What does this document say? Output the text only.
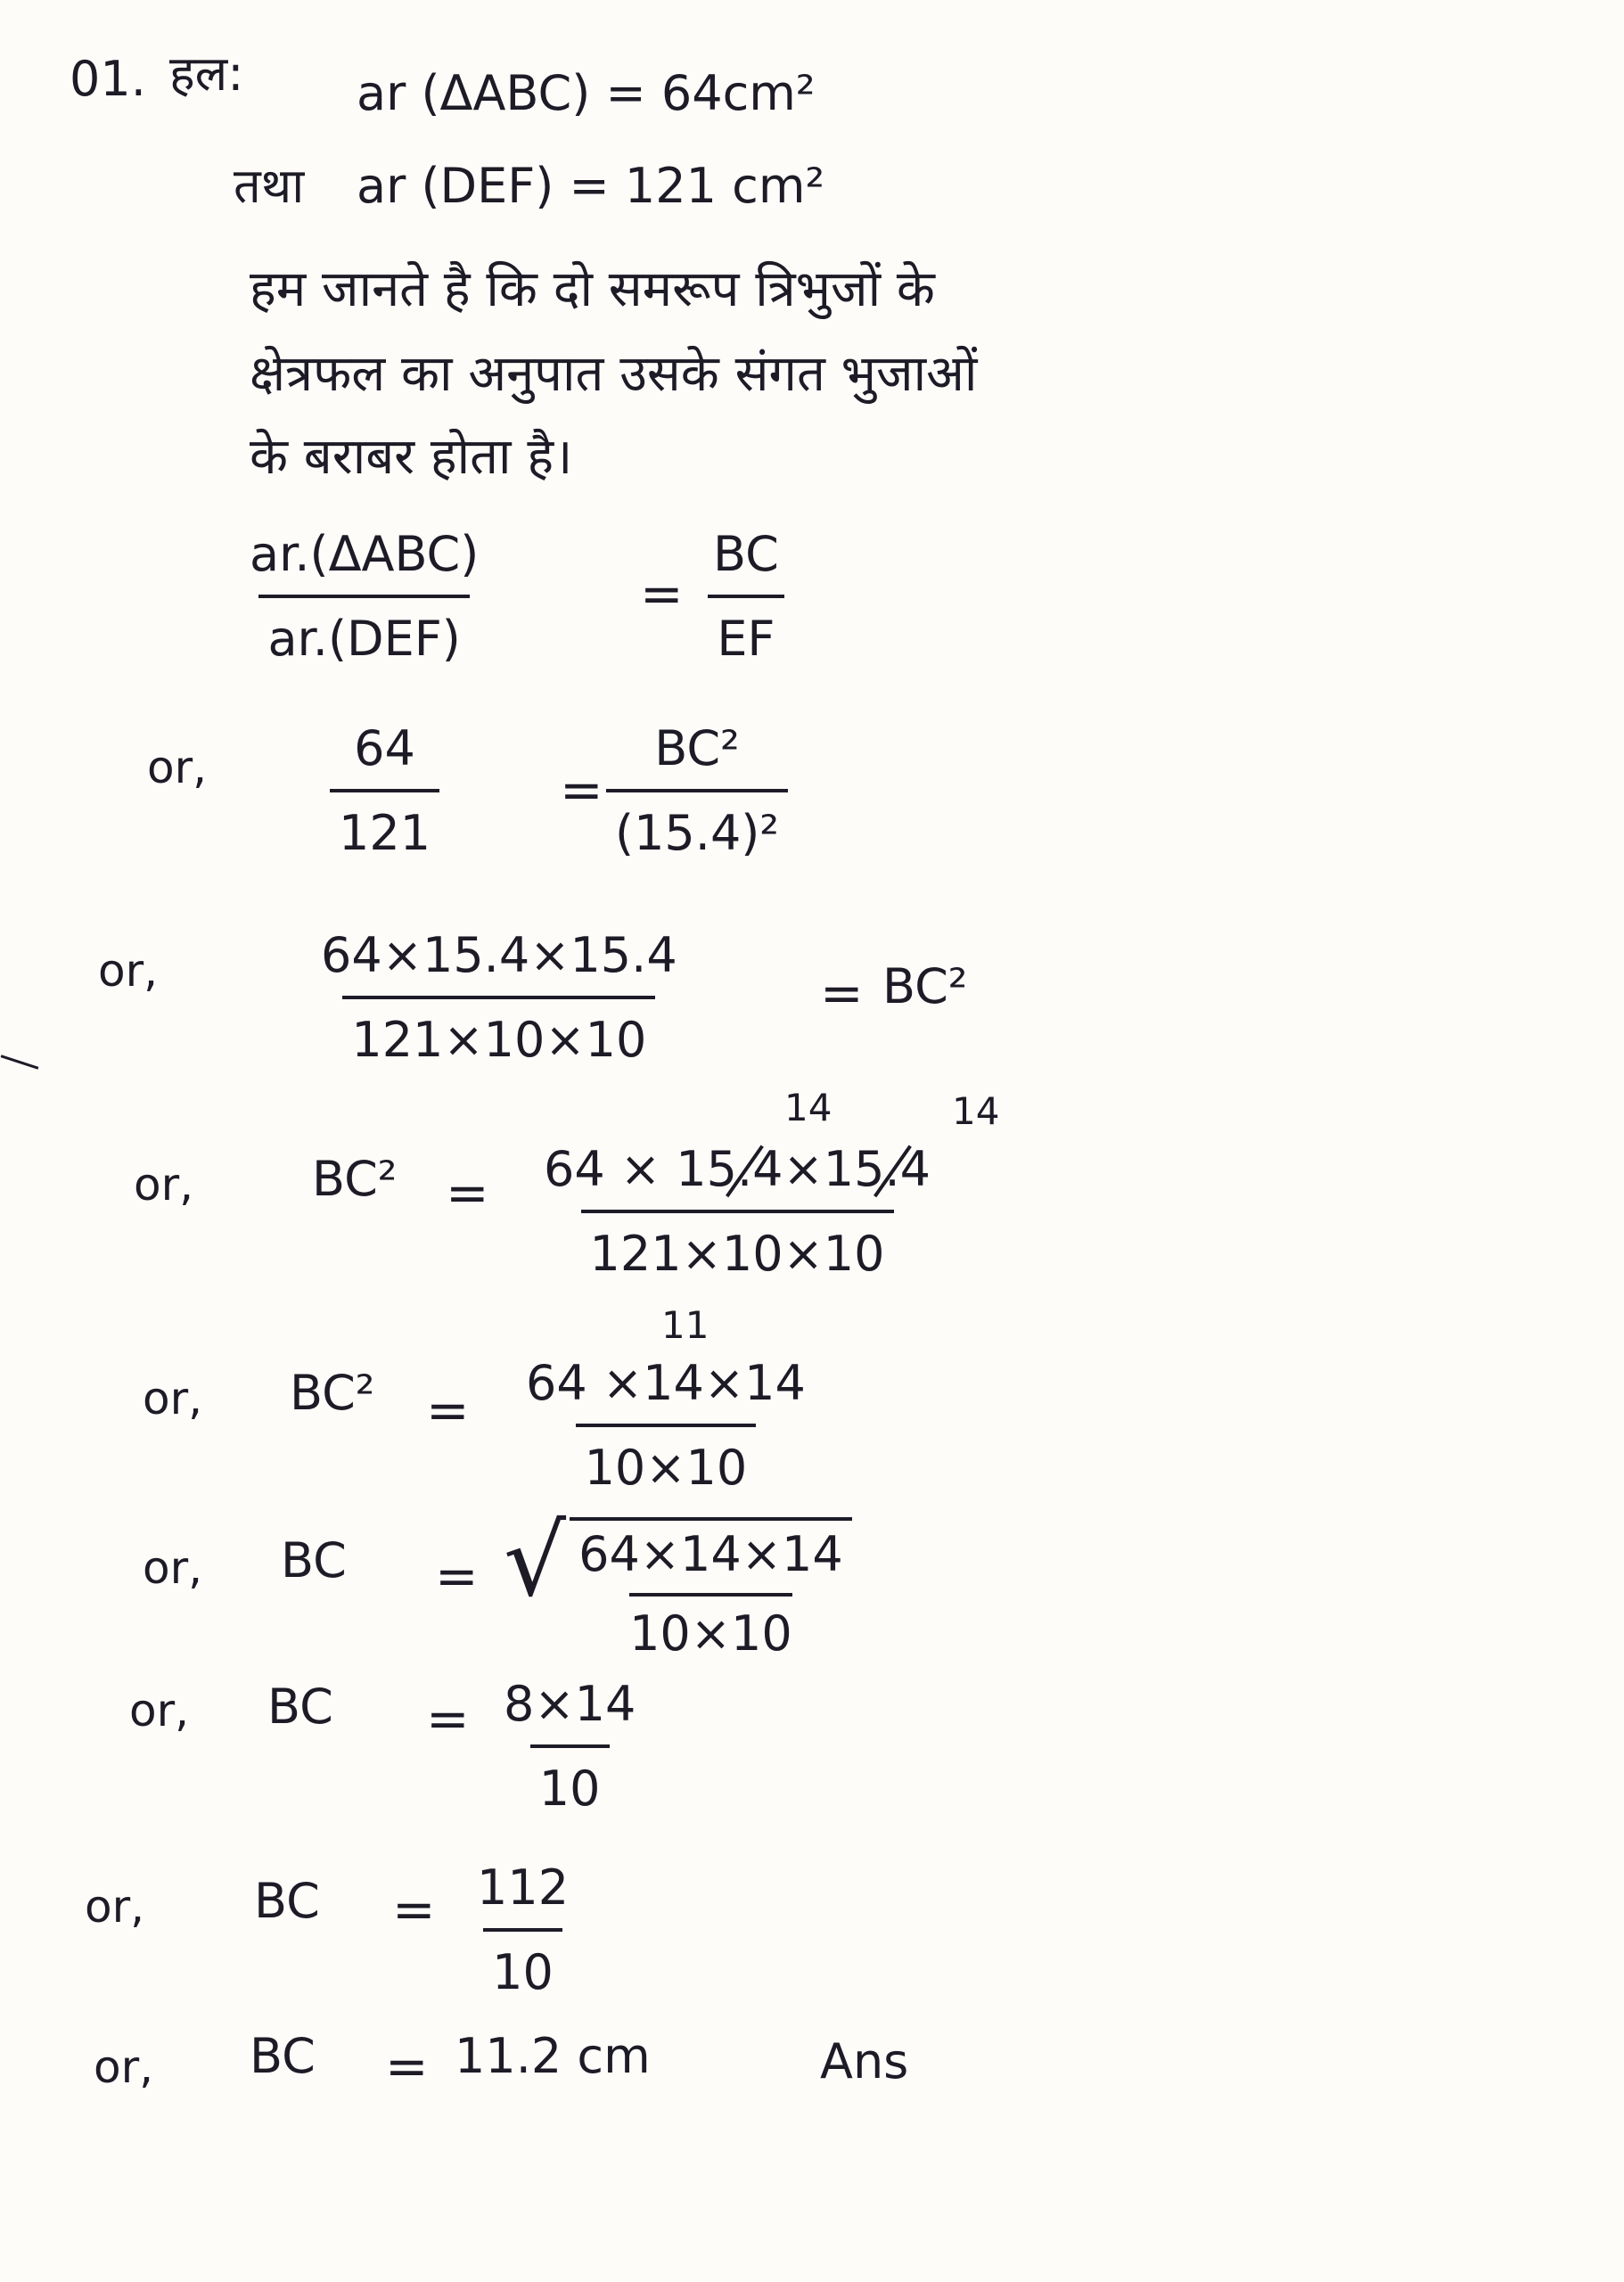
01. हल: ar (ΔABC) = 64cm²
तथा ar (DEF) = 121 cm²
हम जानते है कि दो समरूप त्रिभुजों के
क्षेत्रफल का अनुपात उसके संगत भुजाओं
के बराबर होता है।
ar.(ΔABC)
ar.(DEF)
= $\frac{BC}{EF}$
or,	$\frac{64}{121} = \frac{\text{BC²}}{\text{(15.4)²}}$
or,	$\frac{64\times 15.4\times 15.4}{121\times 10\times 10}$	= BC²
14	14
or, $BC^2 = \frac{64 \times 15.4\times 15.4}{121\times 10\times 10}$
11
or, $BC^2 = \frac{64 \times 14\times 14}{10\times 10}$
or, BC = √ $\frac{64\times 14\times 14}{10\times 10}$
or, BC = $\frac{8\times 14}{10}$
or, BC = $\frac{112}{10}$
or, BC = 11.2 cm	Ans
